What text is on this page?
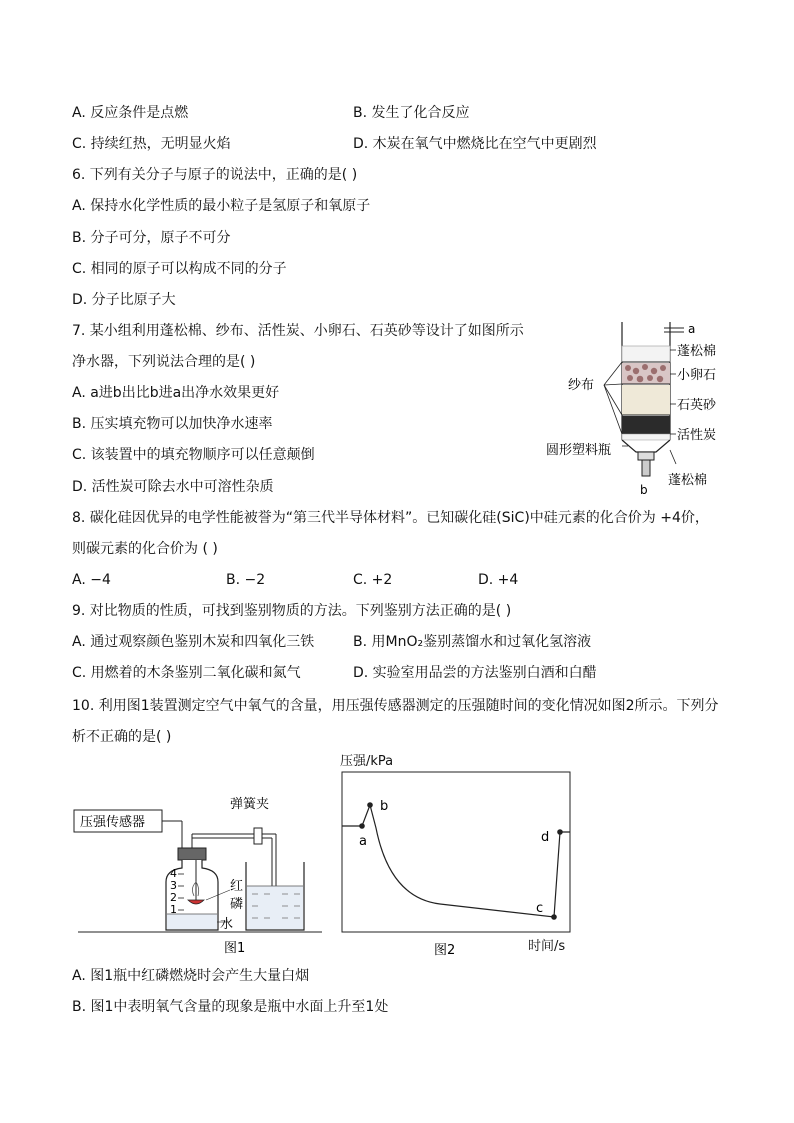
A. 反应条件是点燃	B. 发生了化合反应
C. 持续红热，无明显火焰	D. 木炭在氧气中燃烧比在空气中更剧烈
6. 下列有关分子与原子的说法中，正确的是( )
A. 保持水化学性质的最小粒子是氢原子和氧原子
B. 分子可分，原子不可分
C. 相同的原子可以构成不同的分子
D. 分子比原子大
7. 某小组利用蓬松棉、纱布、活性炭、小卵石、石英砂等设计了如图所示
净水器，下列说法合理的是( )
A. a进b出比b进a出净水效果更好
B. 压实填充物可以加快净水速率
C. 该装置中的填充物顺序可以任意颠倒
D. 活性炭可除去水中可溶性杂质
a
蓬松棉
小卵石
石英砂
活性炭
蓬松棉
b
纱布
圆形塑料瓶
8. 碳化硅因优异的电学性能被誉为“第三代半导体材料”。已知碳化硅(SiC)中硅元素的化合价为 +4价，
则碳元素的化合价为 ( )
A. −4	B. −2	C. +2	D. +4
9. 对比物质的性质，可找到鉴别物质的方法。下列鉴别方法正确的是( )
A. 通过观察颜色鉴别木炭和四氧化三铁	B. 用MnO₂鉴别蒸馏水和过氧化氢溶液
C. 用燃着的木条鉴别二氧化碳和氮气	D. 实验室用品尝的方法鉴别白酒和白醋
10. 利用图1装置测定空气中氧气的含量，用压强传感器测定的压强随时间的变化情况如图2所示。下列分
析不正确的是( )
压强传感器
4
3
2
1
红
磷
水
弹簧夹
图1
压强/kPa
a
b
c
d
图2	时间/s
A. 图1瓶中红磷燃烧时会产生大量白烟
B. 图1中表明氧气含量的现象是瓶中水面上升至1处
